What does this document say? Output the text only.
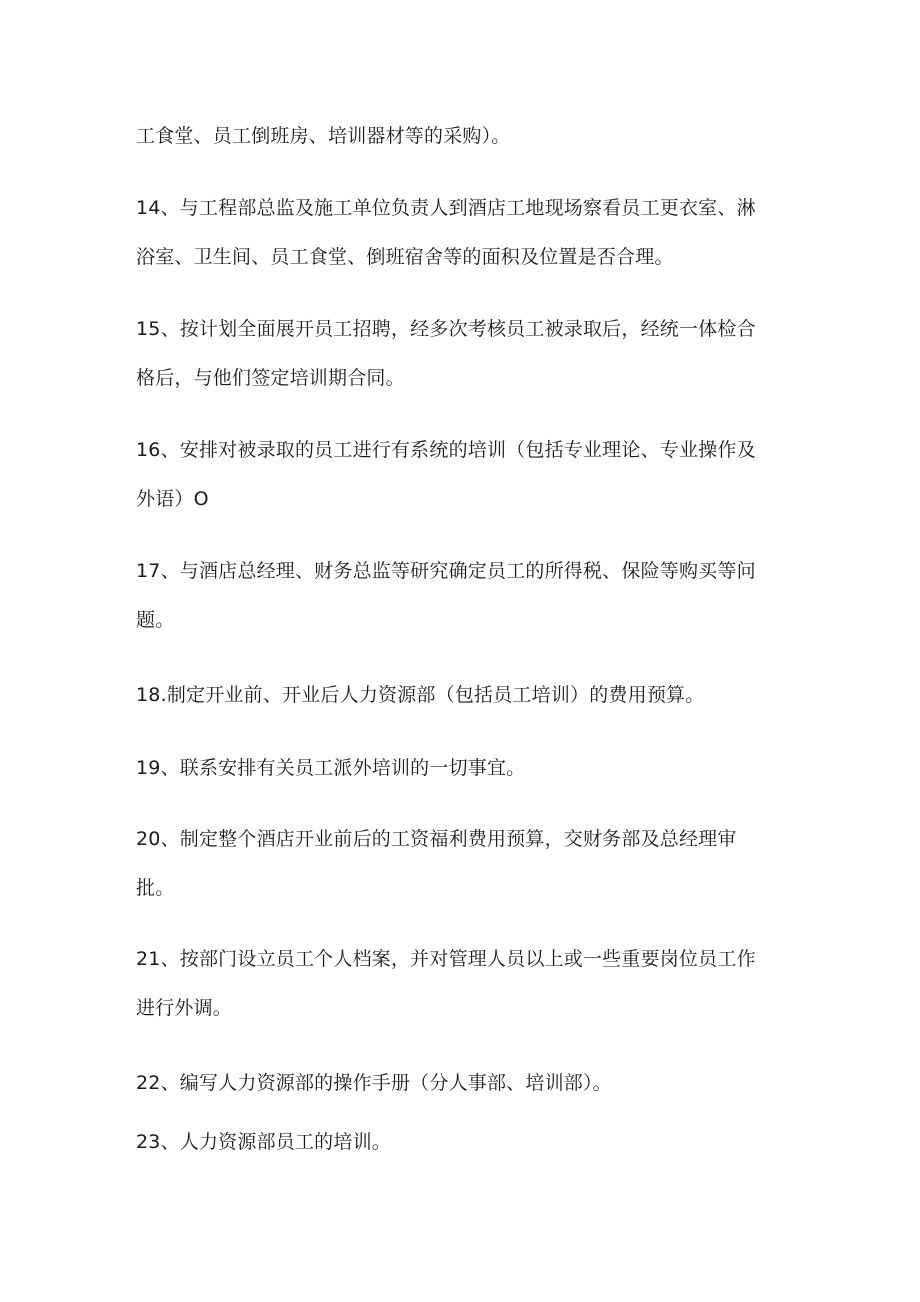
工食堂、员工倒班房、培训器材等的采购）。
14、与工程部总监及施工单位负责人到酒店工地现场察看员工更衣室、淋
浴室、卫生间、员工食堂、倒班宿舍等的面积及位置是否合理。
15、按计划全面展开员工招聘，经多次考核员工被录取后，经统一体检合
格后，与他们签定培训期合同。
16、安排对被录取的员工进行有系统的培训（包括专业理论、专业操作及
外语）O
17、与酒店总经理、财务总监等研究确定员工的所得税、保险等购买等问
题。
18.制定开业前、开业后人力资源部（包括员工培训）的费用预算。
19、联系安排有关员工派外培训的一切事宜。
20、制定整个酒店开业前后的工资福利费用预算，交财务部及总经理审
批。
21、按部门设立员工个人档案，并对管理人员以上或一些重要岗位员工作
进行外调。
22、编写人力资源部的操作手册（分人事部、培训部）。
23、人力资源部员工的培训。
